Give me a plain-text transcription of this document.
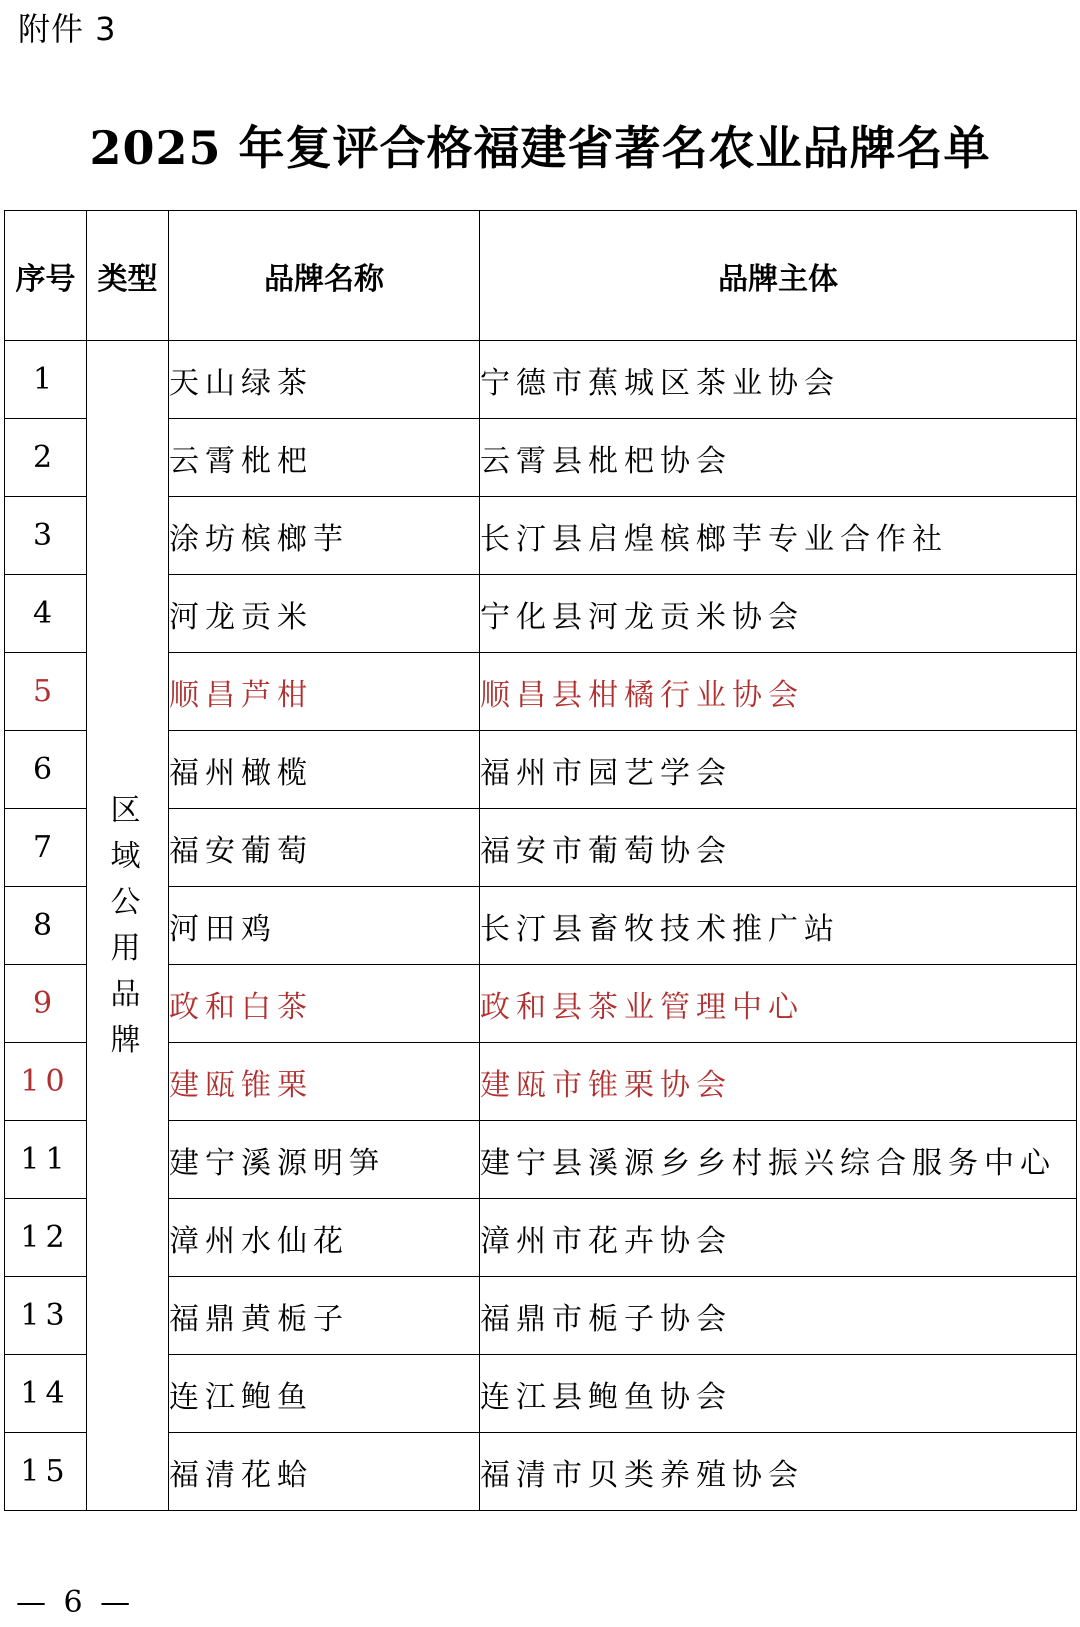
附件 3
2025 年复评合格福建省著名农业品牌名单
序号	类型	品牌名称	品牌主体
1	区域公用品牌	天山绿茶	宁德市蕉城区茶业协会
2		云霄枇杷	云霄县枇杷协会
3		涂坊槟榔芋	长汀县启煌槟榔芋专业合作社
4		河龙贡米	宁化县河龙贡米协会
5		顺昌芦柑	顺昌县柑橘行业协会
6		福州橄榄	福州市园艺学会
7		福安葡萄	福安市葡萄协会
8		河田鸡	长汀县畜牧技术推广站
9		政和白茶	政和县茶业管理中心
10		建瓯锥栗	建瓯市锥栗协会
11		建宁溪源明笋	建宁县溪源乡乡村振兴综合服务中心
12		漳州水仙花	漳州市花卉协会
13		福鼎黄栀子	福鼎市栀子协会
14		连江鲍鱼	连江县鲍鱼协会
15		福清花蛤	福清市贝类养殖协会
— 6 —
